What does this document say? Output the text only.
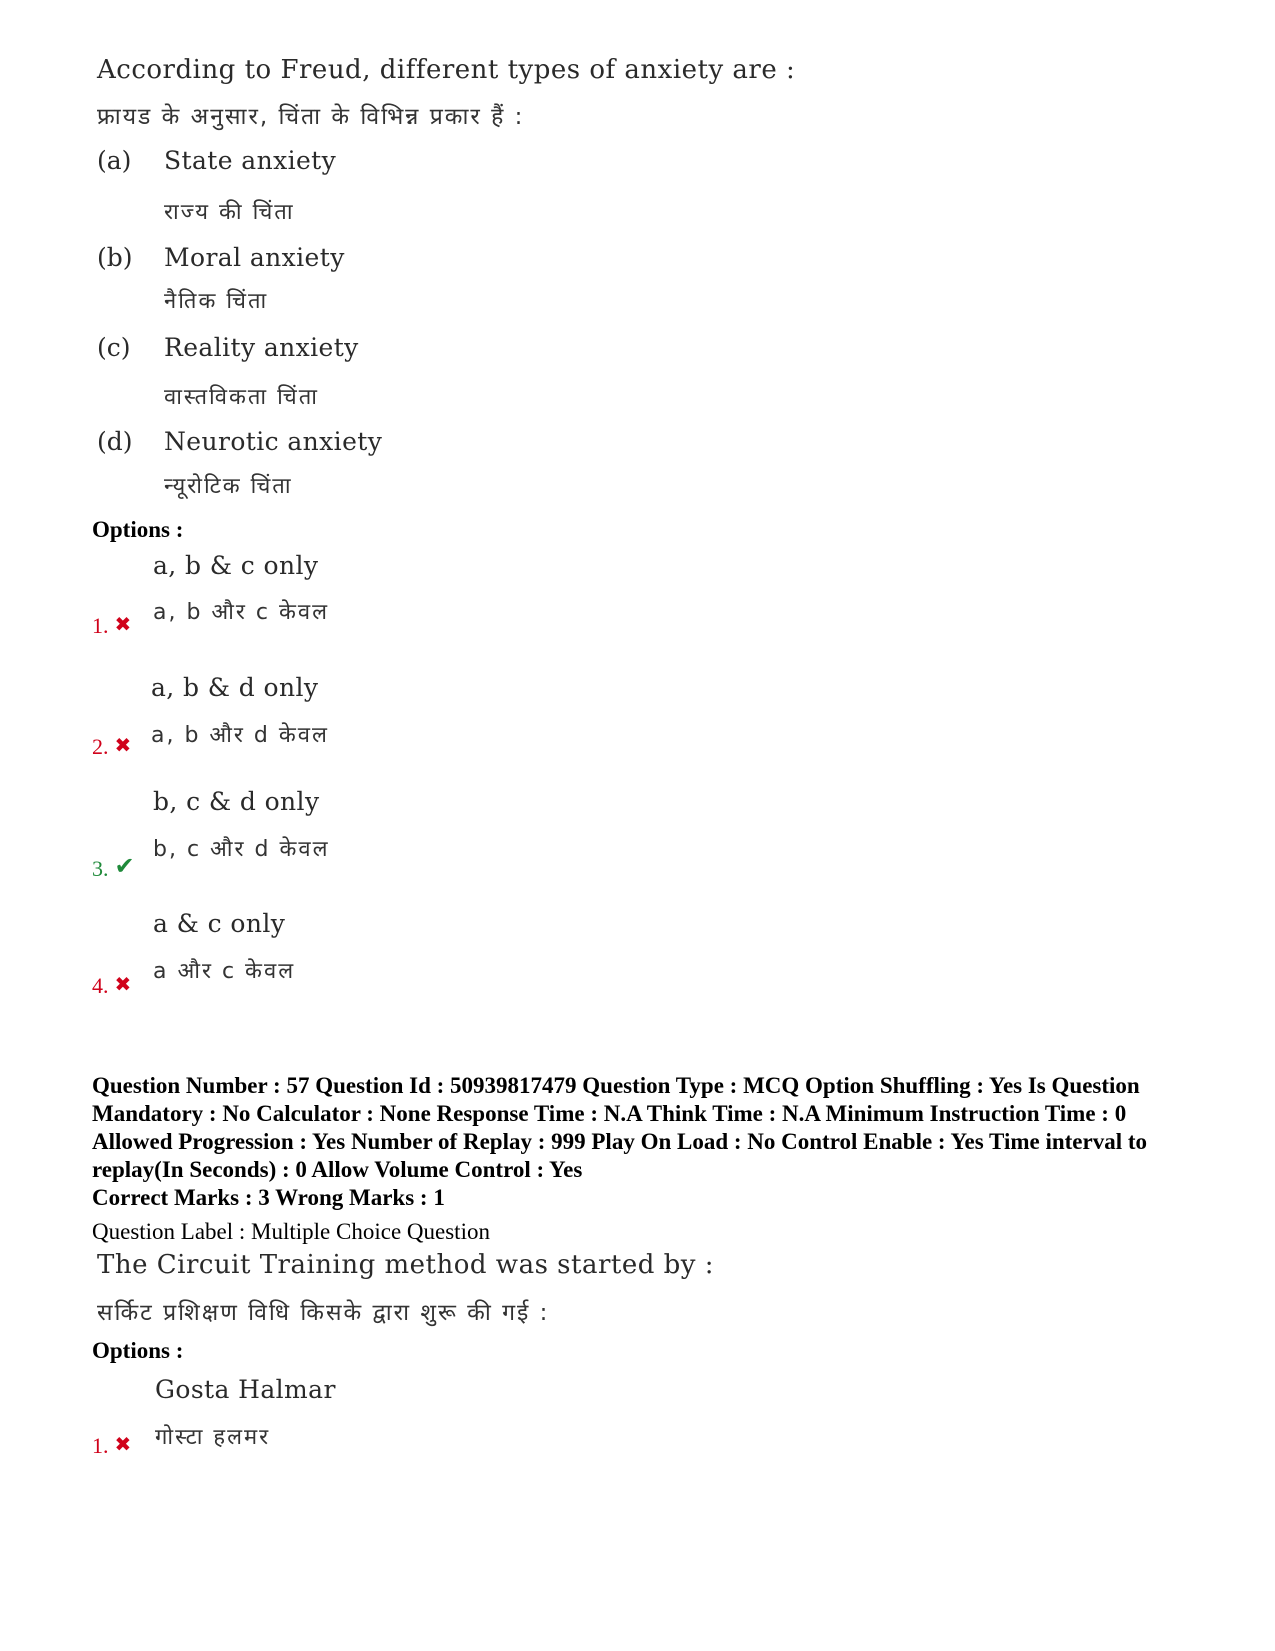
According to Freud, different types of anxiety are :
फ्रायड के अनुसार, चिंता के विभिन्न प्रकार हैं :
(a) State anxiety
राज्य की चिंता
(b) Moral anxiety
नैतिक चिंता
(c) Reality anxiety
वास्तविकता चिंता
(d) Neurotic anxiety
न्यूरोटिक चिंता
Options :
a, b & c only
a, b और c केवल
1. ✖
a, b & d only
a, b और d केवल
2. ✖
b, c & d only
b, c और d केवल
3. ✔
a & c only
a और c केवल
4. ✖
Question Number : 57 Question Id : 50939817479 Question Type : MCQ Option Shuffling : Yes Is Question Mandatory : No Calculator : None Response Time : N.A Think Time : N.A Minimum Instruction Time : 0 Allowed Progression : Yes Number of Replay : 999 Play On Load : No Control Enable : Yes Time interval to replay(In Seconds) : 0 Allow Volume Control : Yes
Correct Marks : 3 Wrong Marks : 1
Question Label : Multiple Choice Question
The Circuit Training method was started by :
सर्किट प्रशिक्षण विधि किसके द्वारा शुरू की गई :
Options :
Gosta Halmar
गोस्टा हलमर
1. ✖
